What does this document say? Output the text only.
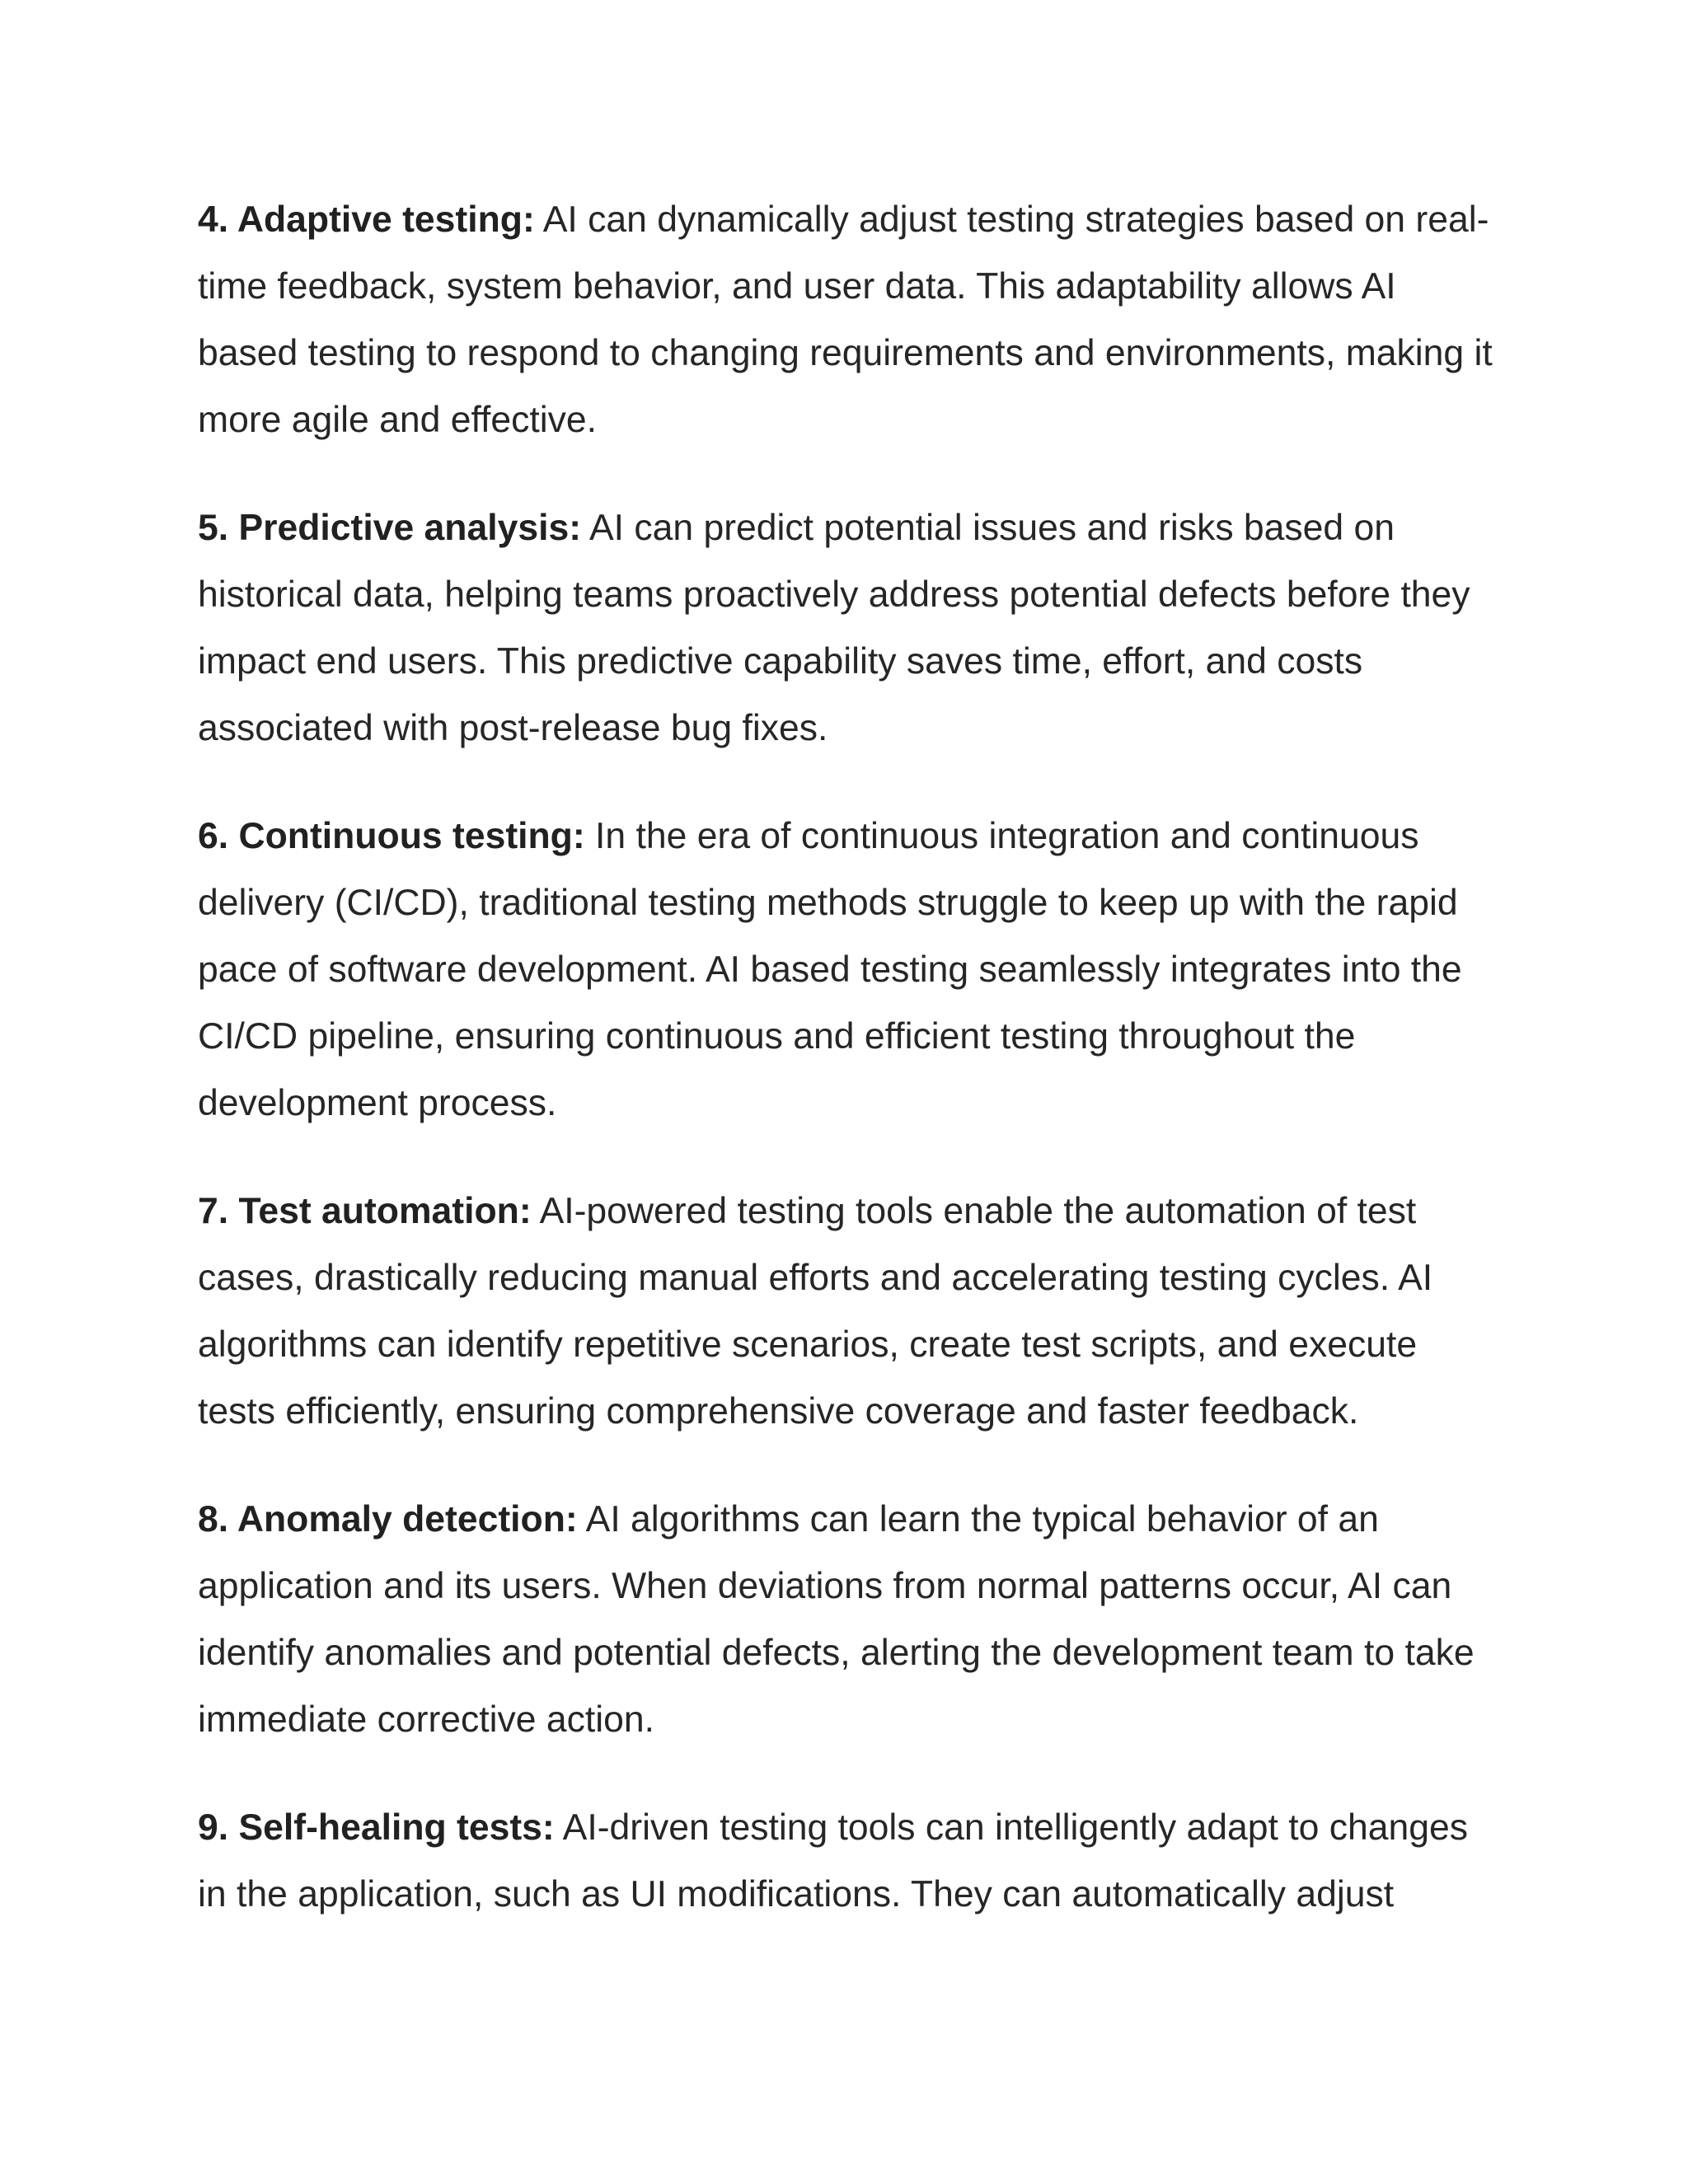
4. Adaptive testing: AI can dynamically adjust testing strategies based on real-time feedback, system behavior, and user data. This adaptability allows AI based testing to respond to changing requirements and environments, making it more agile and effective.

5. Predictive analysis: AI can predict potential issues and risks based on historical data, helping teams proactively address potential defects before they impact end users. This predictive capability saves time, effort, and costs associated with post-release bug fixes.

6. Continuous testing: In the era of continuous integration and continuous delivery (CI/CD), traditional testing methods struggle to keep up with the rapid pace of software development. AI based testing seamlessly integrates into the CI/CD pipeline, ensuring continuous and efficient testing throughout the development process.

7. Test automation: AI-powered testing tools enable the automation of test cases, drastically reducing manual efforts and accelerating testing cycles. AI algorithms can identify repetitive scenarios, create test scripts, and execute tests efficiently, ensuring comprehensive coverage and faster feedback.

8. Anomaly detection: AI algorithms can learn the typical behavior of an application and its users. When deviations from normal patterns occur, AI can identify anomalies and potential defects, alerting the development team to take immediate corrective action.

9. Self-healing tests: AI-driven testing tools can intelligently adapt to changes in the application, such as UI modifications. They can automatically adjust
